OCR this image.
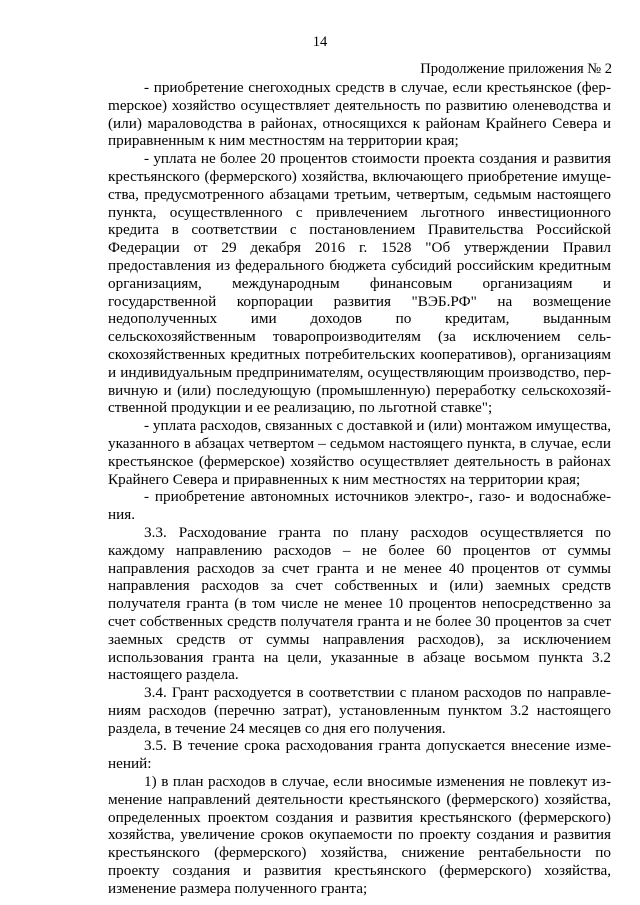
14
Продолжение приложения № 2

- приобретение снегоходных средств в случае, если крестьянское (ферmерское) хозяйство осуществляет деятельность по развитию оленеводства и (или) мараловодства в районах, относящихся к районам Крайнего Севера и приравненным к ним местностям на территории края;

- уплата не более 20 процентов стоимости проекта создания и развития крестьянского (фермерского) хозяйства, включающего приобретение имущества, предусмотренного абзацами третьим, четвертым, седьмым настоящего пункта, осуществленного с привлечением льготного инвестиционного кредита в соответствии с постановлением Правительства Российской Федерации от 29 декабря 2016 г. 1528 "Об утверждении Правил предоставления из федерального бюджета субсидий российским кредитным организациям, международным финансовым организациям и государственной корпорации развития "ВЭБ.РФ" на возмещение недополученных ими доходов по кредитам, выданным сельскохозяйственным товаропроизводителям (за исключением сельскохозяйственных кредитных потребительских кооперативов), организациям и индивидуальным предпринимателям, осуществляющим производство, первичную и (или) последующую (промышленную) переработку сельскохозяйственной продукции и ее реализацию, по льготной ставке";

- уплата расходов, связанных с доставкой и (или) монтажом имущества, указанного в абзацах четвертом – седьмом настоящего пункта, в случае, если крестьянское (фермерское) хозяйство осуществляет деятельность в районах Крайнего Севера и приравненных к ним местностях на территории края;

- приобретение автономных источников электро-, газо- и водоснабжения.

3.3. Расходование гранта по плану расходов осуществляется по каждому направлению расходов – не более 60 процентов от суммы направления расходов за счет гранта и не менее 40 процентов от суммы направления расходов за счет собственных и (или) заемных средств получателя гранта (в том числе не менее 10 процентов непосредственно за счет собственных средств получателя гранта и не более 30 процентов за счет заемных средств от суммы направления расходов), за исключением использования гранта на цели, указанные в абзаце восьмом пункта 3.2 настоящего раздела.

3.4. Грант расходуется в соответствии с планом расходов по направлениям расходов (перечню затрат), установленным пунктом 3.2 настоящего раздела, в течение 24 месяцев со дня его получения.

3.5. В течение срока расходования гранта допускается внесение изменений:

1) в план расходов в случае, если вносимые изменения не повлекут изменение направлений деятельности крестьянского (фермерского) хозяйства, определенных проектом создания и развития крестьянского (фермерского) хозяйства, увеличение сроков окупаемости по проекту создания и развития крестьянского (фермерского) хозяйства, снижение рентабельности по проекту создания и развития крестьянского (фермерского) хозяйства, изменение размера полученного гранта;
